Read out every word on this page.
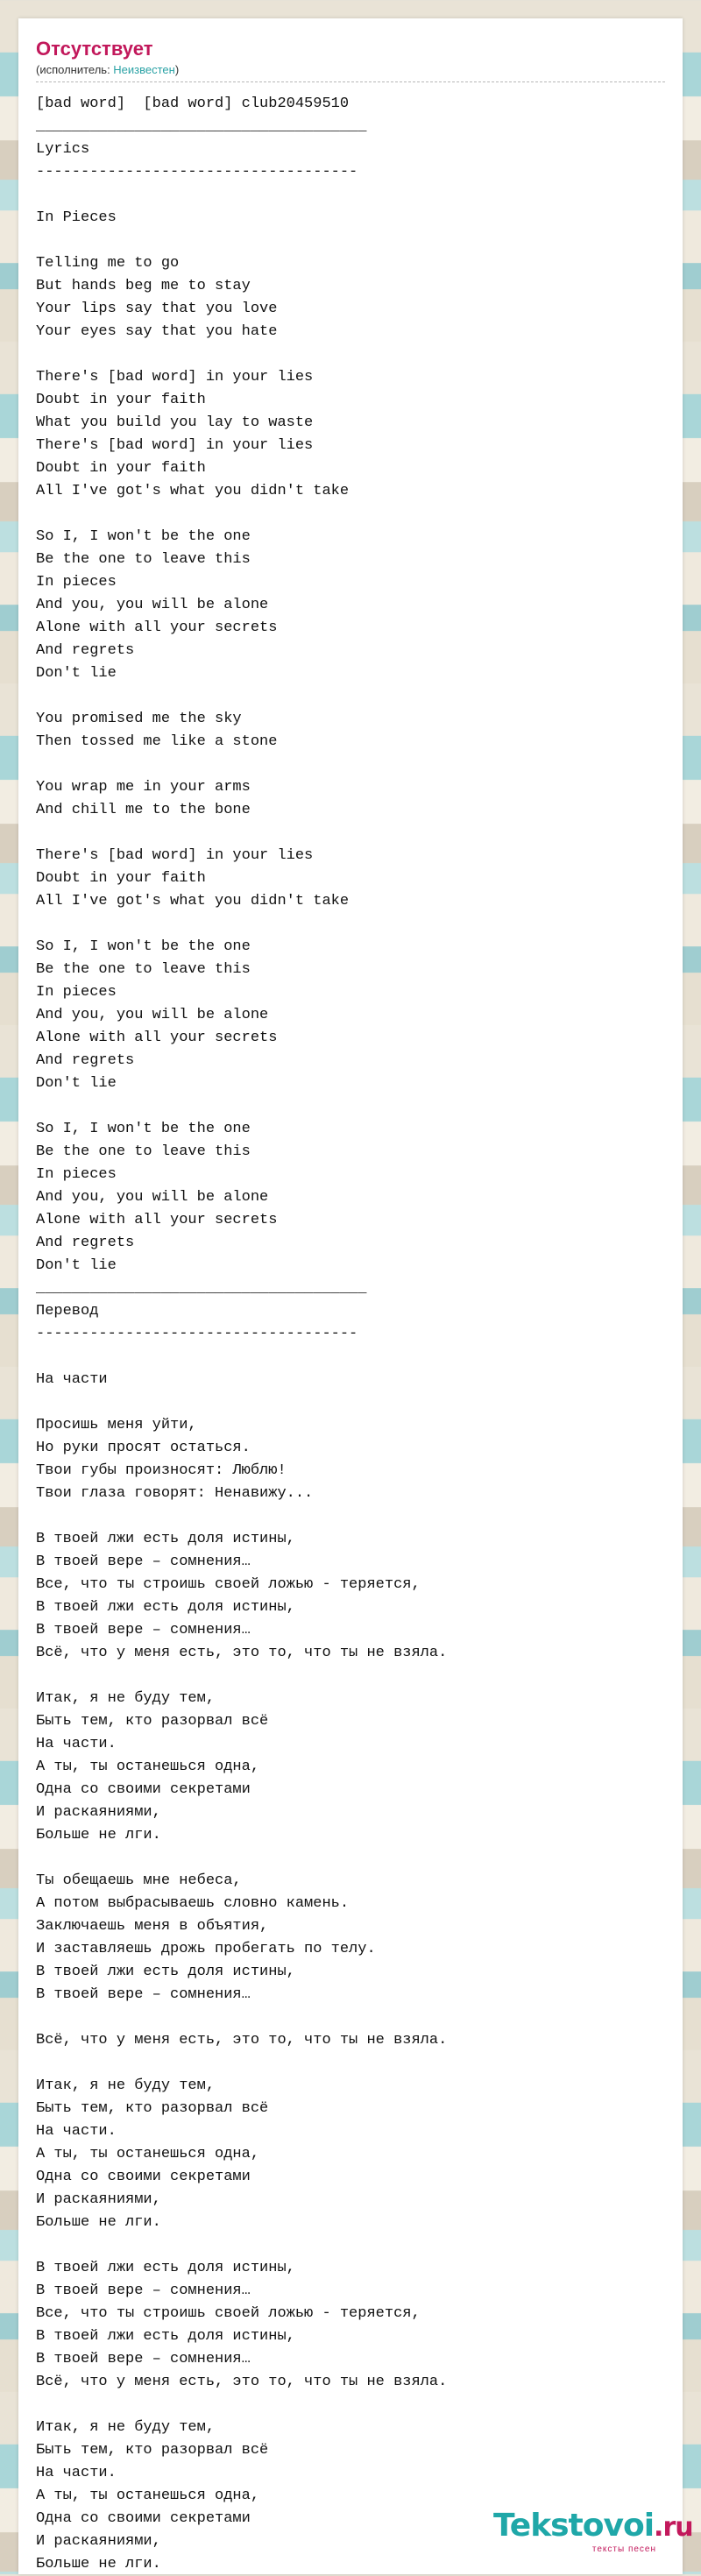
Отсутствует
(исполнитель: Неизвестен)
[bad word]  [bad word] club20459510
_____________________________________
Lyrics
------------------------------------

In Pieces

Telling me to go
But hands beg me to stay
Your lips say that you love
Your eyes say that you hate

There's [bad word] in your lies
Doubt in your faith
What you build you lay to waste
There's [bad word] in your lies
Doubt in your faith
All I've got's what you didn't take

So I, I won't be the one
Be the one to leave this
In pieces
And you, you will be alone
Alone with all your secrets
And regrets
Don't lie

You promised me the sky
Then tossed me like a stone

You wrap me in your arms
And chill me to the bone

There's [bad word] in your lies
Doubt in your faith
All I've got's what you didn't take

So I, I won't be the one
Be the one to leave this
In pieces
And you, you will be alone
Alone with all your secrets
And regrets
Don't lie

So I, I won't be the one
Be the one to leave this
In pieces
And you, you will be alone
Alone with all your secrets
And regrets
Don't lie
_____________________________________
Перевод
------------------------------------

На части

Просишь меня уйти,
Но руки просят остаться.
Твои губы произносят: Люблю!
Твои глаза говорят: Ненавижу...

В твоей лжи есть доля истины,
В твоей вере – сомнения…
Все, что ты строишь своей ложью - теряется,
В твоей лжи есть доля истины,
В твоей вере – сомнения…
Всё, что у меня есть, это то, что ты не взяла.

Итак, я не буду тем,
Быть тем, кто разорвал всё
На части.
А ты, ты останешься одна,
Одна со своими секретами
И раскаяниями,
Больше не лги.

Ты обещаешь мне небеса,
А потом выбрасываешь словно камень.
Заключаешь меня в объятия,
И заставляешь дрожь пробегать по телу.
В твоей лжи есть доля истины,
В твоей вере – сомнения…

Всё, что у меня есть, это то, что ты не взяла.

Итак, я не буду тем,
Быть тем, кто разорвал всё
На части.
А ты, ты останешься одна,
Одна со своими секретами
И раскаяниями,
Больше не лги.

В твоей лжи есть доля истины,
В твоей вере – сомнения…
Все, что ты строишь своей ложью - теряется,
В твоей лжи есть доля истины,
В твоей вере – сомнения…
Всё, что у меня есть, это то, что ты не взяла.

Итак, я не буду тем,
Быть тем, кто разорвал всё
На части.
А ты, ты останешься одна,
Одна со своими секретами
И раскаяниями,
Больше не лги.
Tekstovoi.ru
тексты песен
